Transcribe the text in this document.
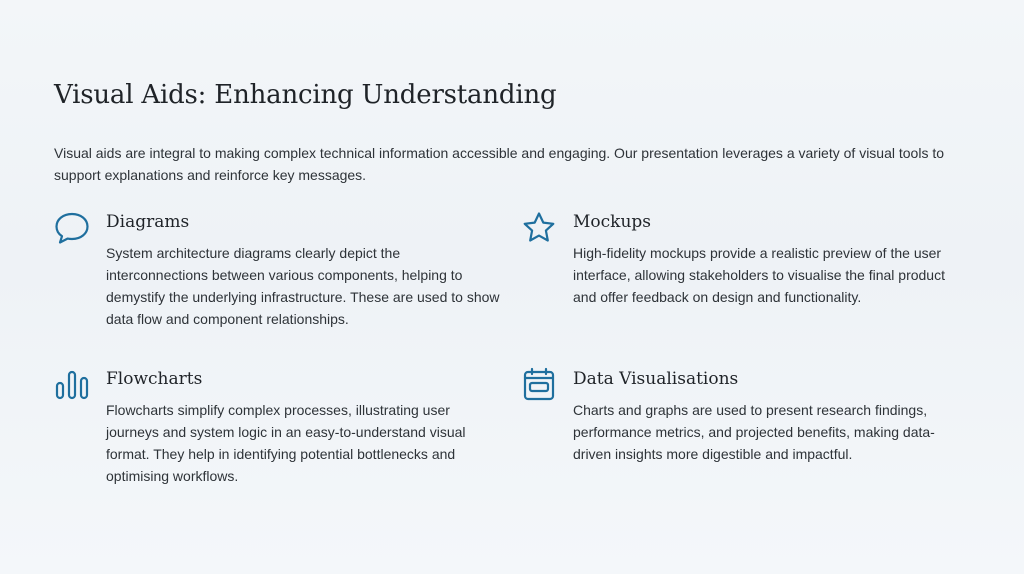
Visual Aids: Enhancing Understanding

Visual aids are integral to making complex technical information accessible and engaging. Our presentation leverages a variety of visual tools to support explanations and reinforce key messages.

Diagrams

System architecture diagrams clearly depict the interconnections between various components, helping to demystify the underlying infrastructure. These are used to show data flow and component relationships.

Mockups

High-fidelity mockups provide a realistic preview of the user interface, allowing stakeholders to visualise the final product and offer feedback on design and functionality.

Flowcharts

Flowcharts simplify complex processes, illustrating user journeys and system logic in an easy-to-understand visual format. They help in identifying potential bottlenecks and optimising workflows.

Data Visualisations

Charts and graphs are used to present research findings, performance metrics, and projected benefits, making data-driven insights more digestible and impactful.
